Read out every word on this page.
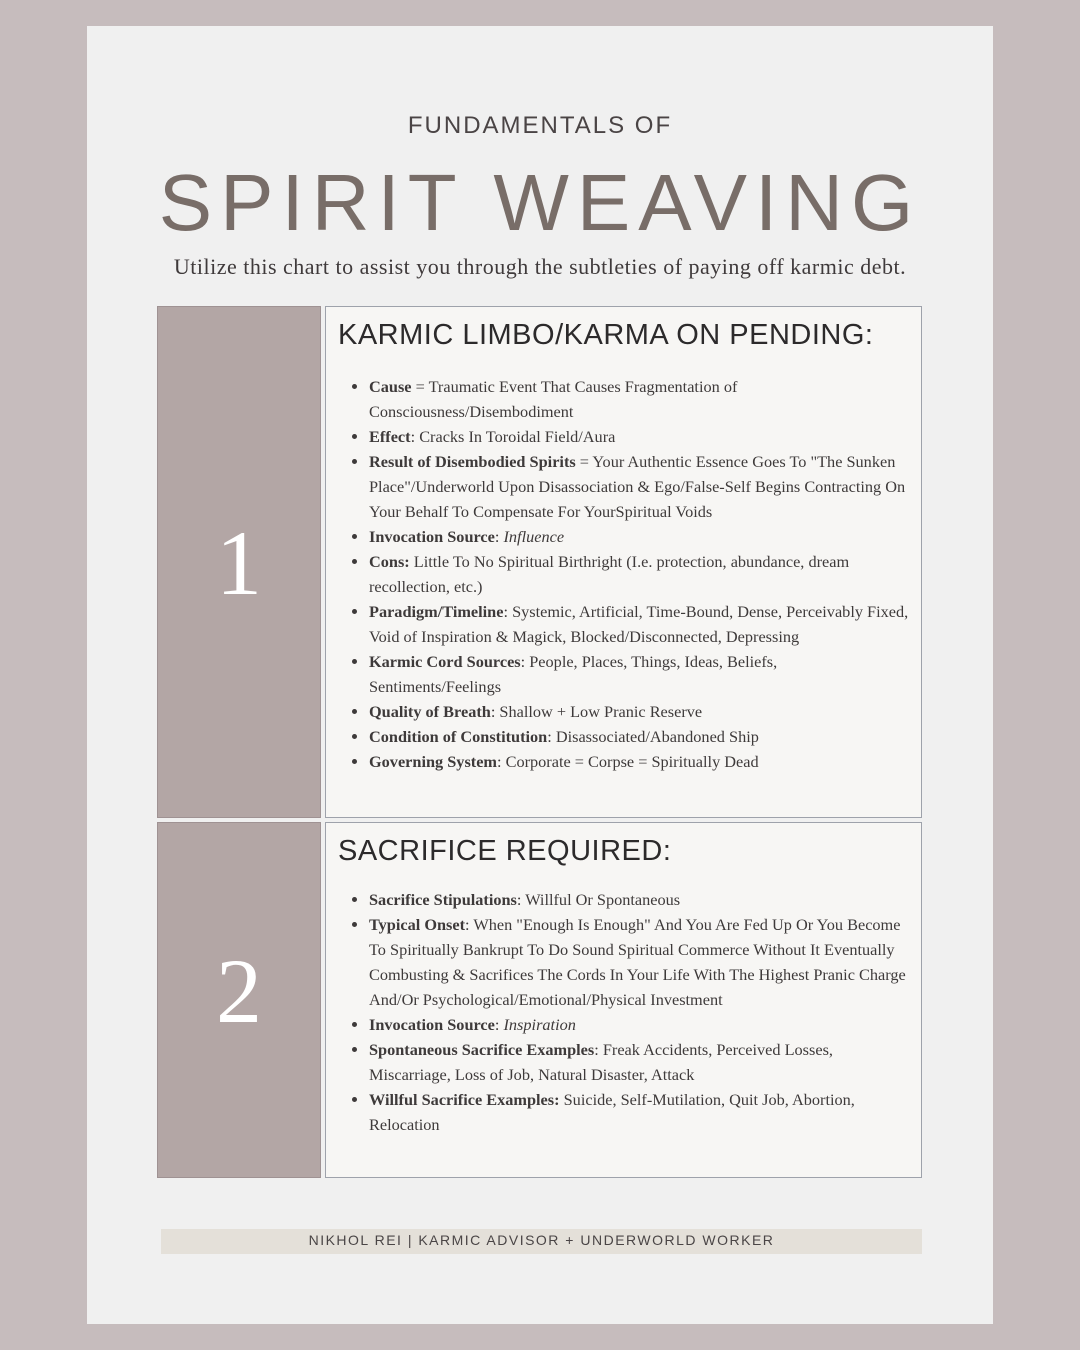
FUNDAMENTALS OF
SPIRIT WEAVING
Utilize this chart to assist you through the subtleties of paying off karmic debt.
1
KARMIC LIMBO/KARMA ON PENDING:
• Cause = Traumatic Event That Causes Fragmentation of Consciousness/Disembodiment
• Effect: Cracks In Toroidal Field/Aura
• Result of Disembodied Spirits = Your Authentic Essence Goes To "The Sunken Place"/Underworld Upon Disassociation & Ego/False-Self Begins Contracting On Your Behalf To Compensate For YourSpiritual Voids
• Invocation Source: Influence
• Cons: Little To No Spiritual Birthright (I.e. protection, abundance, dream recollection, etc.)
• Paradigm/Timeline: Systemic, Artificial, Time-Bound, Dense, Perceivably Fixed, Void of Inspiration & Magick, Blocked/Disconnected, Depressing
• Karmic Cord Sources: People, Places, Things, Ideas, Beliefs, Sentiments/Feelings
• Quality of Breath: Shallow + Low Pranic Reserve
• Condition of Constitution: Disassociated/Abandoned Ship
• Governing System: Corporate = Corpse = Spiritually Dead
2
SACRIFICE REQUIRED:
• Sacrifice Stipulations: Willful Or Spontaneous
• Typical Onset: When "Enough Is Enough" And You Are Fed Up Or You Become To Spiritually Bankrupt To Do Sound Spiritual Commerce Without It Eventually Combusting & Sacrifices The Cords In Your Life With The Highest Pranic Charge And/Or Psychological/Emotional/Physical Investment
• Invocation Source: Inspiration
• Spontaneous Sacrifice Examples: Freak Accidents, Perceived Losses, Miscarriage, Loss of Job, Natural Disaster, Attack
• Willful Sacrifice Examples: Suicide, Self-Mutilation, Quit Job, Abortion, Relocation
NIKHOL REI | KARMIC ADVISOR + UNDERWORLD WORKER
